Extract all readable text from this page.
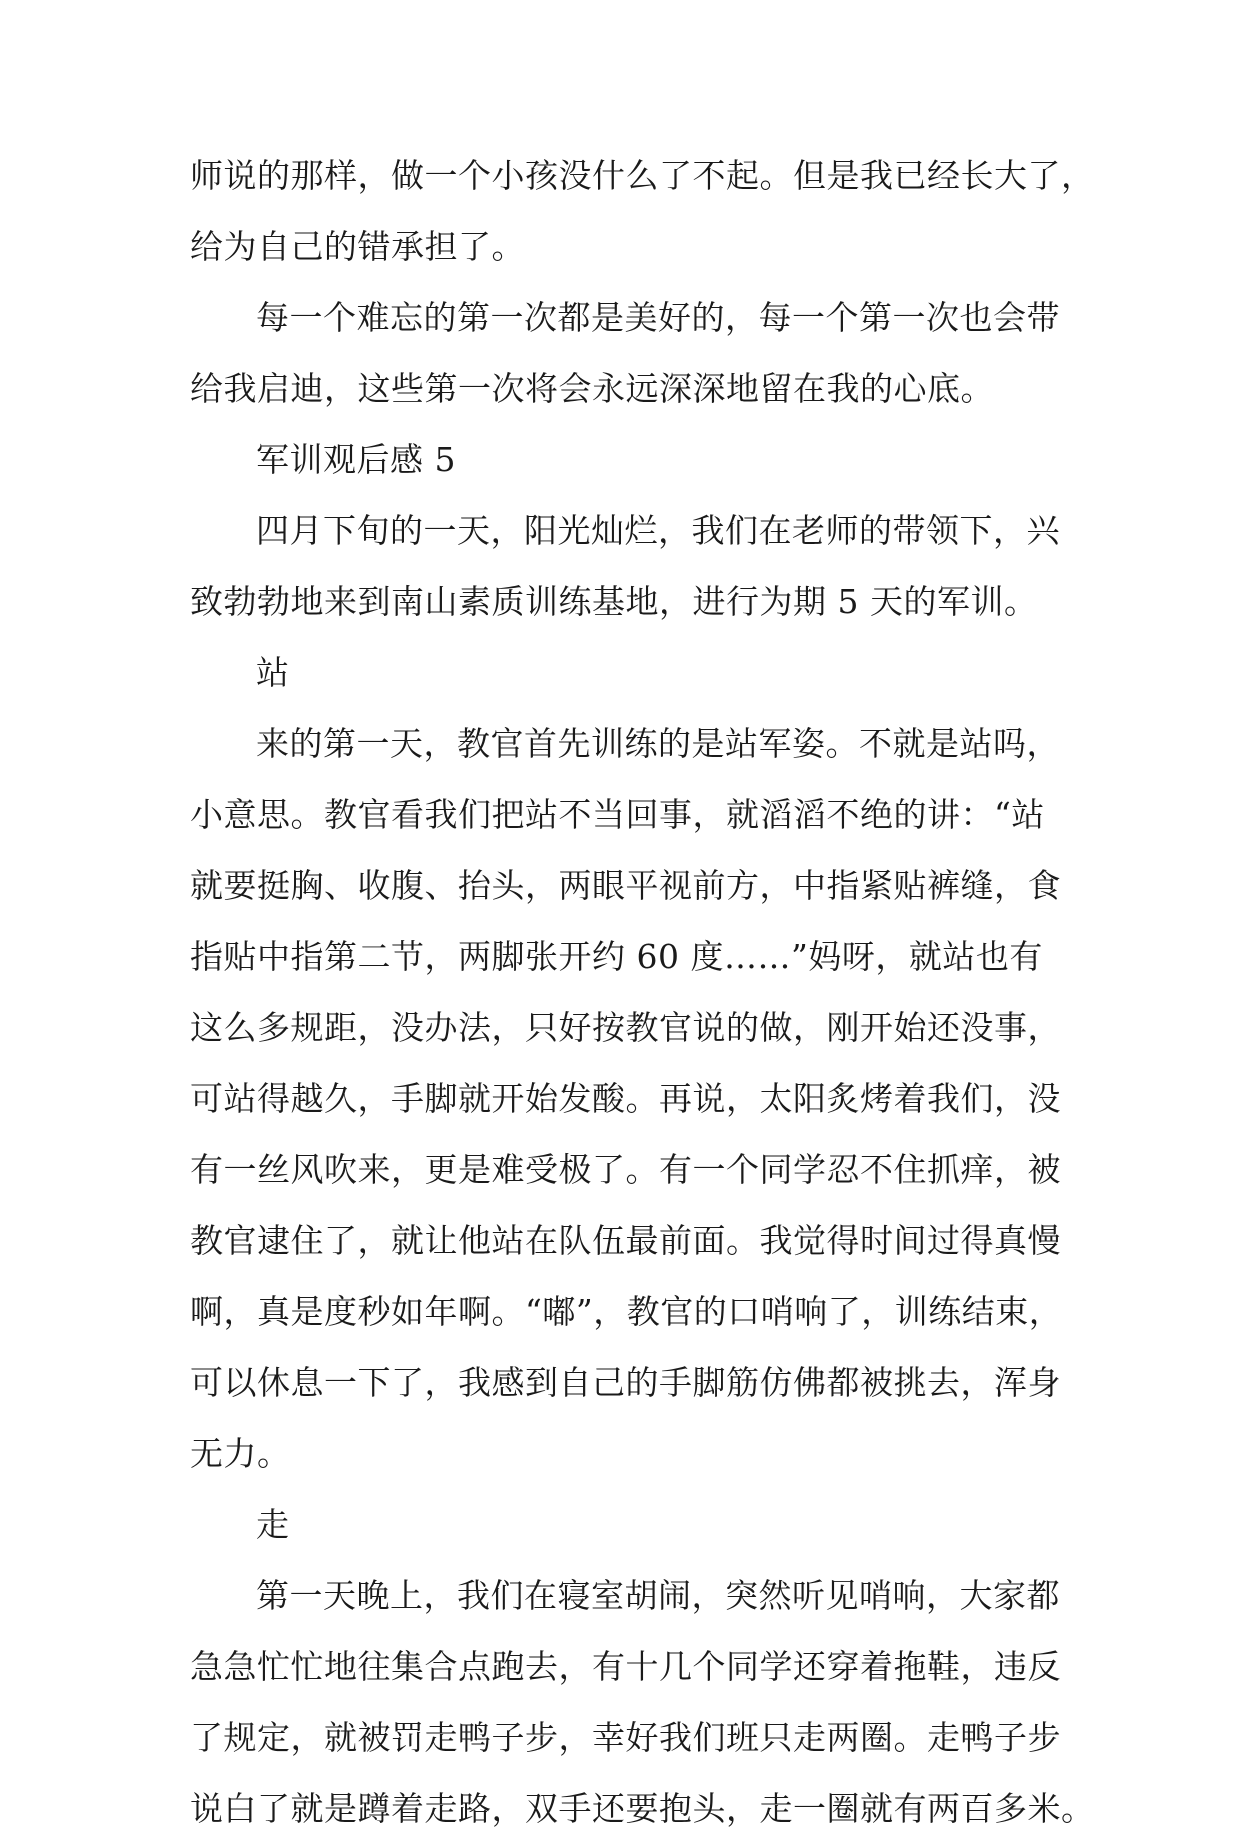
师说的那样，做一个小孩没什么了不起。但是我已经长大了，
给为自己的错承担了。
每一个难忘的第一次都是美好的，每一个第一次也会带
给我启迪，这些第一次将会永远深深地留在我的心底。
军训观后感 5
四月下旬的一天，阳光灿烂，我们在老师的带领下，兴
致勃勃地来到南山素质训练基地，进行为期 5 天的军训。
站
来的第一天，教官首先训练的是站军姿。不就是站吗，
小意思。教官看我们把站不当回事，就滔滔不绝的讲：“站
就要挺胸、收腹、抬头，两眼平视前方，中指紧贴裤缝，食
指贴中指第二节，两脚张开约 60 度……”妈呀，就站也有
这么多规距，没办法，只好按教官说的做，刚开始还没事，
可站得越久，手脚就开始发酸。再说，太阳炙烤着我们，没
有一丝风吹来，更是难受极了。有一个同学忍不住抓痒，被
教官逮住了，就让他站在队伍最前面。我觉得时间过得真慢
啊，真是度秒如年啊。“嘟”，教官的口哨响了，训练结束，
可以休息一下了，我感到自己的手脚筋仿佛都被挑去，浑身
无力。
走
第一天晚上，我们在寝室胡闹，突然听见哨响，大家都
急急忙忙地往集合点跑去，有十几个同学还穿着拖鞋，违反
了规定，就被罚走鸭子步，幸好我们班只走两圈。走鸭子步
说白了就是蹲着走路，双手还要抱头，走一圈就有两百多米。
